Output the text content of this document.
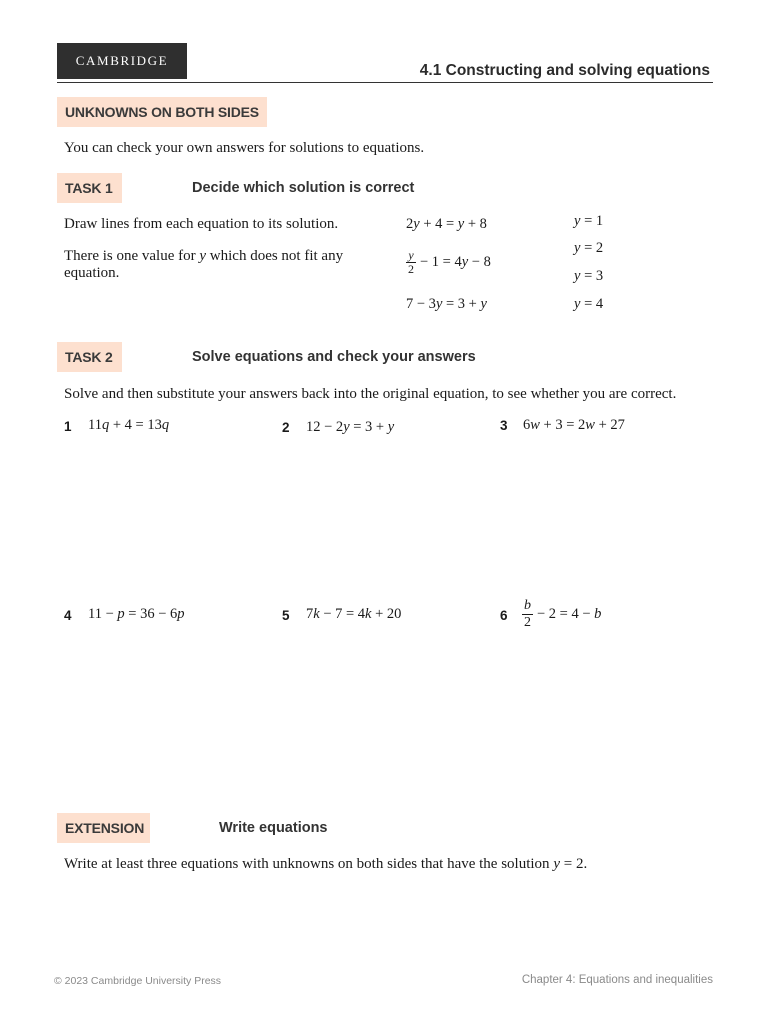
CAMBRIDGE
4.1 Constructing and solving equations
UNKNOWNS ON BOTH SIDES
You can check your own answers for solutions to equations.
TASK 1	Decide which solution is correct
Draw lines from each equation to its solution.
There is one value for y which does not fit any equation.
2y + 4 = y + 8
$\frac{y}{2} - 1 = 4y - 8$
7 − 3y = 3 + y
y = 1
y = 2
y = 3
y = 4
TASK 2	Solve equations and check your answers
Solve and then substitute your answers back into the original equation, to see whether you are correct.
1 11q + 4 = 13q	2 12 − 2y = 3 + y	3 6w + 3 = 2w + 27
4 11 − p = 36 − 6p	5 7k − 7 = 4k + 20	$6 \frac{b}{2} - 2 = 4 - b$
EXTENSION	Write equations
Write at least three equations with unknowns on both sides that have the solution y = 2.
© 2023 Cambridge University Press	Chapter 4: Equations and inequalities
